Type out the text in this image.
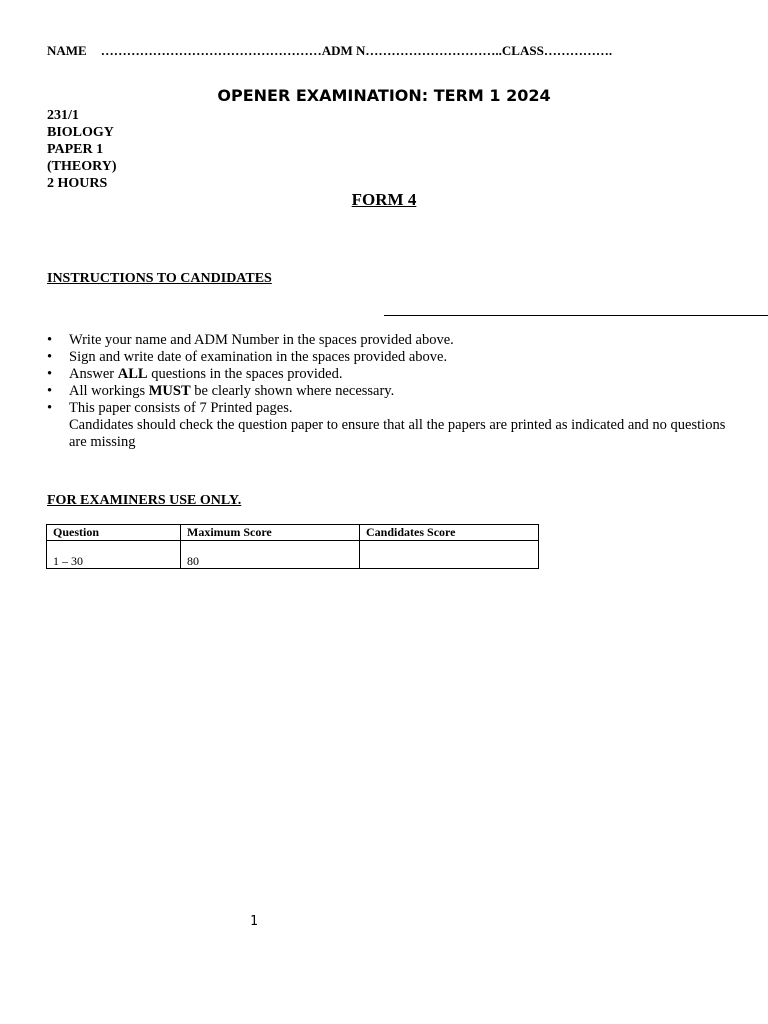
NAME ……………………………………………ADM N…………………………..CLASS…………….
OPENER EXAMINATION: TERM 1 2024
231/1
BIOLOGY
PAPER 1
(THEORY)
2 HOURS
FORM 4
INSTRUCTIONS TO CANDIDATES
•	Write your name and ADM Number in the spaces provided above.
•	Sign and write date of examination in the spaces provided above.
•	Answer ALL questions in the spaces provided.
•	All workings MUST be clearly shown where necessary.
•	This paper consists of 7 Printed pages.
Candidates should check the question paper to ensure that all the papers are printed as indicated and no questions are missing
FOR EXAMINERS USE ONLY.
Question	Maximum Score	Candidates Score
1 – 30	80	
1
